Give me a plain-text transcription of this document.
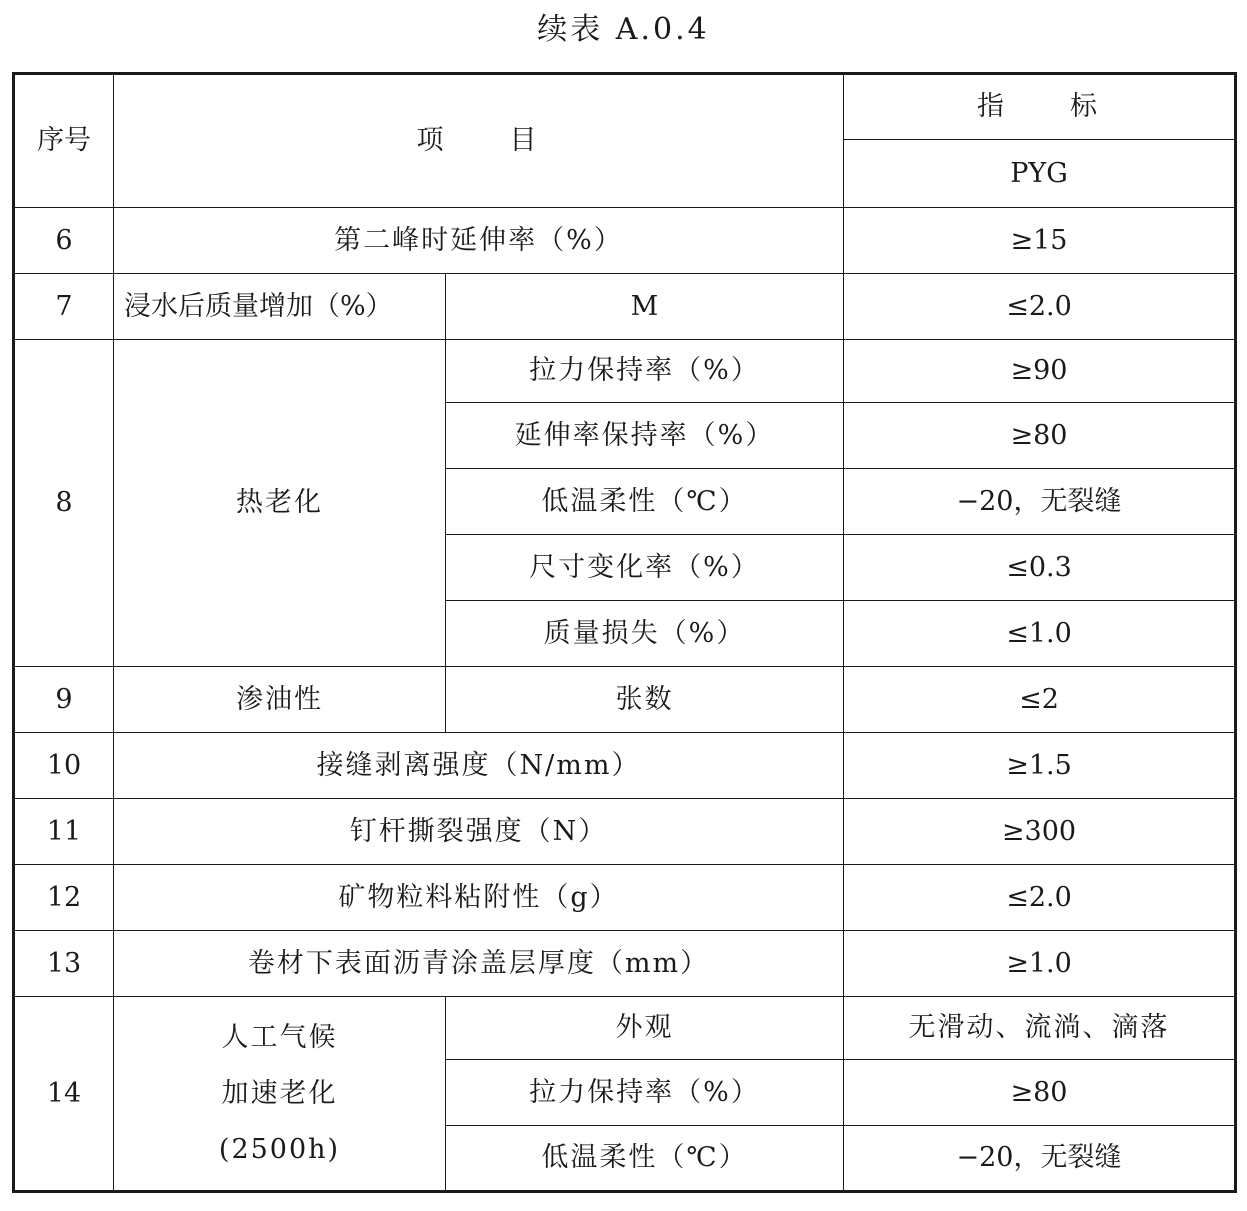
续表 A.0.4
序号	项　　目		指　　标
			PYG
6	第二峰时延伸率（%）		≥15
7	浸水后质量增加（%）	M	≤2.0
8	热老化	拉力保持率（%）	≥90
		延伸率保持率（%）	≥80
		低温柔性（℃）	−20，无裂缝
		尺寸变化率（%）	≤0.3
		质量损失（%）	≤1.0
9	渗油性	张数	≤2
10	接缝剥离强度（N/mm）		≥1.5
11	钉杆撕裂强度（N）		≥300
12	矿物粒料粘附性（g）		≤2.0
13	卷材下表面沥青涂盖层厚度（mm）		≥1.0
14	人工气候
加速老化
(2500h)	外观	无滑动、流淌、滴落
		拉力保持率（%）	≥80
		低温柔性（℃）	−20，无裂缝
